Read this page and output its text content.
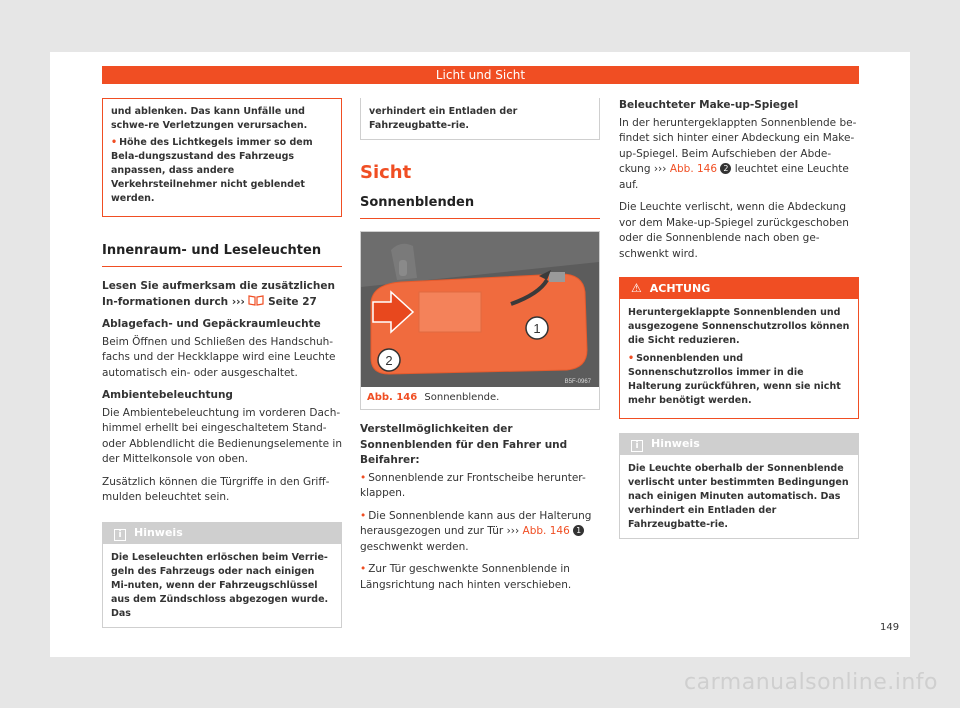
Licht und Sicht
und ablenken. Das kann Unfälle und schwe-re Verletzungen verursachen.
• Höhe des Lichtkegels immer so dem Bela-dungszustand des Fahrzeugs anpassen, dass andere Verkehrsteilnehmer nicht geblendet werden.
Innenraum- und Leseleuchten
Lesen Sie aufmerksam die zusätzlichen In-formationen durch ››› Seite 27
Ablagefach- und Gepäckraumleuchte
Beim Öffnen und Schließen des Handschuh-fachs und der Heckklappe wird eine Leuchte automatisch ein- oder ausgeschaltet.
Ambientebeleuchtung
Die Ambientebeleuchtung im vorderen Dach-himmel erhellt bei eingeschaltetem Stand-oder Abblendlicht die Bedienungselemente in der Mittelkonsole von oben.
Zusätzlich können die Türgriffe in den Griff-mulden beleuchtet sein.
i Hinweis
Die Leseleuchten erlöschen beim Verrie-geln des Fahrzeugs oder nach einigen Mi-nuten, wenn der Fahrzeugschlüssel aus dem Zündschloss abgezogen wurde. Das
verhindert ein Entladen der Fahrzeugbatte-rie.
Sicht
Sonnenblenden
1
2
B5F-0967
Abb. 146 Sonnenblende.
Verstellmöglichkeiten der Sonnenblenden für den Fahrer und Beifahrer:
• Sonnenblende zur Frontscheibe herunter-klappen.
• Die Sonnenblende kann aus der Halterung herausgezogen und zur Tür ››› Abb. 146 1 geschwenkt werden.
• Zur Tür geschwenkte Sonnenblende in Längsrichtung nach hinten verschieben.
Beleuchteter Make-up-Spiegel
In der heruntergeklappten Sonnenblende be-findet sich hinter einer Abdeckung ein Make-up-Spiegel. Beim Aufschieben der Abde-ckung ››› Abb. 146 2 leuchtet eine Leuchte auf.
Die Leuchte verlischt, wenn die Abdeckung vor dem Make-up-Spiegel zurückgeschoben oder die Sonnenblende nach oben ge-schwenkt wird.
⚠ ACHTUNG
Heruntergeklappte Sonnenblenden und ausgezogene Sonnenschutzrollos können die Sicht reduzieren.
• Sonnenblenden und Sonnenschutzrollos immer in die Halterung zurückführen, wenn sie nicht mehr benötigt werden.
i Hinweis
Die Leuchte oberhalb der Sonnenblende verlischt unter bestimmten Bedingungen nach einigen Minuten automatisch. Das verhindert ein Entladen der Fahrzeugbatte-rie.
149
carmanualsonline.info
